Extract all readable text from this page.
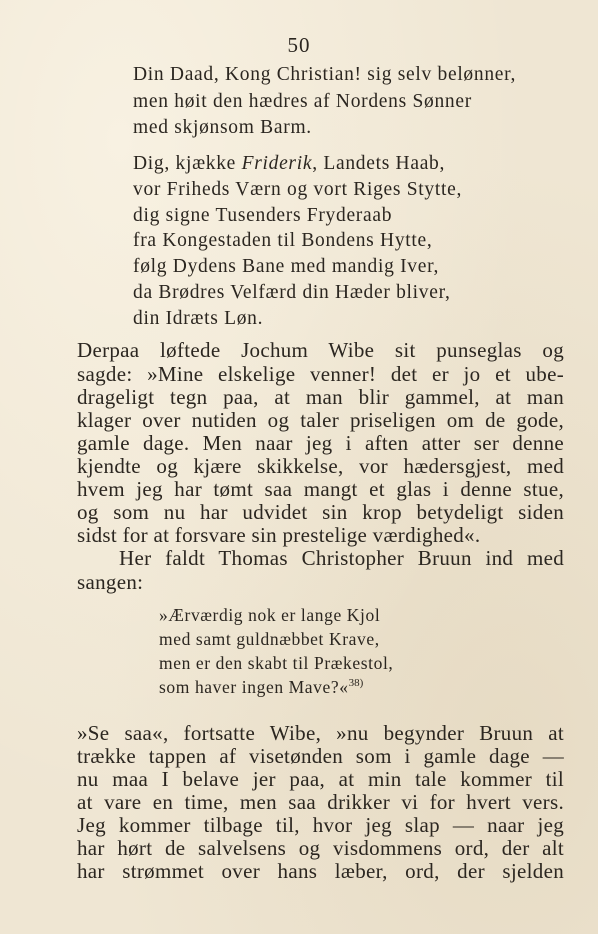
50
Din Daad, Kong Christian! sig selv belønner,
men høit den hædres af Nordens Sønner
med skjønsom Barm.
Dig, kjække Friderik, Landets Haab,
vor Friheds Værn og vort Riges Stytte,
dig signe Tusenders Fryderaab
fra Kongestaden til Bondens Hytte,
følg Dydens Bane med mandig Iver,
da Brødres Velfærd din Hæder bliver,
din Idræts Løn.
Derpaa løftede Jochum Wibe sit punseglas og
sagde: »Mine elskelige venner! det er jo et ube-
drageligt tegn paa, at man blir gammel, at man
klager over nutiden og taler priseligen om de gode,
gamle dage. Men naar jeg i aften atter ser denne
kjendte og kjære skikkelse, vor hædersgjest, med
hvem jeg har tømt saa mangt et glas i denne stue,
og som nu har udvidet sin krop betydeligt siden
sidst for at forsvare sin prestelige værdighed«.
Her faldt Thomas Christopher Bruun ind med
sangen:
»Ærværdig nok er lange Kjol
med samt guldnæbbet Krave,
men er den skabt til Prækestol,
som haver ingen Mave?«$^{38)}$
»Se saa«, fortsatte Wibe, »nu begynder Bruun at
trække tappen af visetønden som i gamle dage —
nu maa I belave jer paa, at min tale kommer til
at vare en time, men saa drikker vi for hvert vers.
Jeg kommer tilbage til, hvor jeg slap — naar jeg
har hørt de salvelsens og visdommens ord, der alt
har strømmet over hans læber, ord, der sjelden
